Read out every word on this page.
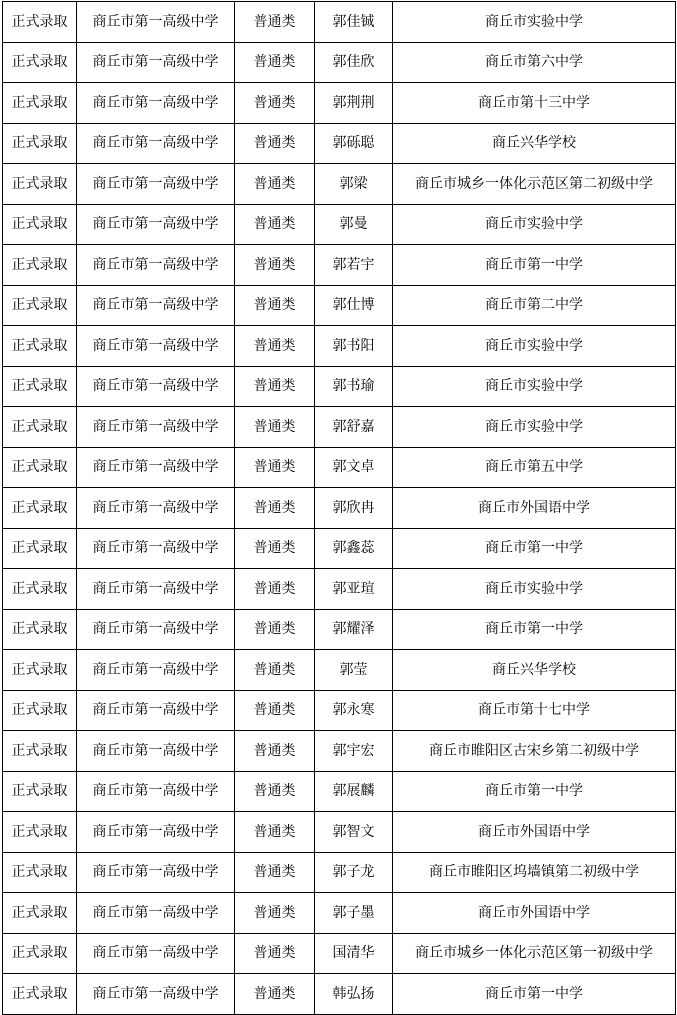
正式录取	商丘市第一高级中学	普通类	郭佳铖	商丘市实验中学
正式录取	商丘市第一高级中学	普通类	郭佳欣	商丘市第六中学
正式录取	商丘市第一高级中学	普通类	郭荆荆	商丘市第十三中学
正式录取	商丘市第一高级中学	普通类	郭砾聪	商丘兴华学校
正式录取	商丘市第一高级中学	普通类	郭梁	商丘市城乡一体化示范区第二初级中学
正式录取	商丘市第一高级中学	普通类	郭曼	商丘市实验中学
正式录取	商丘市第一高级中学	普通类	郭若宇	商丘市第一中学
正式录取	商丘市第一高级中学	普通类	郭仕博	商丘市第二中学
正式录取	商丘市第一高级中学	普通类	郭书阳	商丘市实验中学
正式录取	商丘市第一高级中学	普通类	郭书瑜	商丘市实验中学
正式录取	商丘市第一高级中学	普通类	郭舒嘉	商丘市实验中学
正式录取	商丘市第一高级中学	普通类	郭文卓	商丘市第五中学
正式录取	商丘市第一高级中学	普通类	郭欣冉	商丘市外国语中学
正式录取	商丘市第一高级中学	普通类	郭鑫蕊	商丘市第一中学
正式录取	商丘市第一高级中学	普通类	郭亚瑄	商丘市实验中学
正式录取	商丘市第一高级中学	普通类	郭耀泽	商丘市第一中学
正式录取	商丘市第一高级中学	普通类	郭莹	商丘兴华学校
正式录取	商丘市第一高级中学	普通类	郭永寒	商丘市第十七中学
正式录取	商丘市第一高级中学	普通类	郭宇宏	商丘市睢阳区古宋乡第二初级中学
正式录取	商丘市第一高级中学	普通类	郭展麟	商丘市第一中学
正式录取	商丘市第一高级中学	普通类	郭智文	商丘市外国语中学
正式录取	商丘市第一高级中学	普通类	郭子龙	商丘市睢阳区坞墙镇第二初级中学
正式录取	商丘市第一高级中学	普通类	郭子墨	商丘市外国语中学
正式录取	商丘市第一高级中学	普通类	国清华	商丘市城乡一体化示范区第一初级中学
正式录取	商丘市第一高级中学	普通类	韩弘扬	商丘市第一中学
